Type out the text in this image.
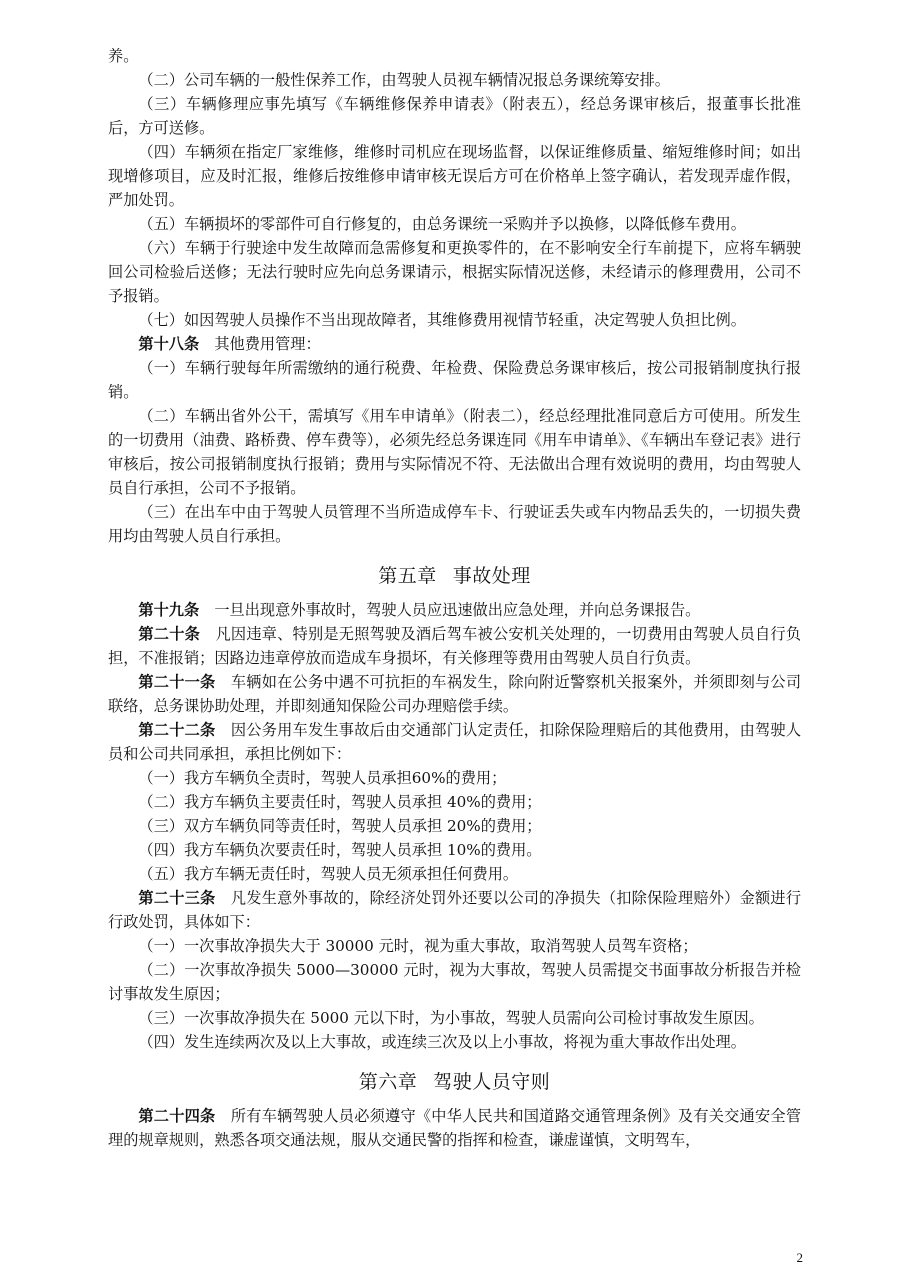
养。

（二）公司车辆的一般性保养工作，由驾驶人员视车辆情况报总务课统筹安排。

（三）车辆修理应事先填写《车辆维修保养申请表》（附表五），经总务课审核后，报董事长批准后，方可送修。

（四）车辆须在指定厂家维修，维修时司机应在现场监督，以保证维修质量、缩短维修时间；如出现增修项目，应及时汇报，维修后按维修申请审核无误后方可在价格单上签字确认，若发现弄虚作假，严加处罚。

（五）车辆损坏的零部件可自行修复的，由总务课统一采购并予以换修，以降低修车费用。

（六）车辆于行驶途中发生故障而急需修复和更换零件的，在不影响安全行车前提下，应将车辆驶回公司检验后送修；无法行驶时应先向总务课请示，根据实际情况送修，未经请示的修理费用，公司不予报销。

（七）如因驾驶人员操作不当出现故障者，其维修费用视情节轻重，决定驾驶人负担比例。

第十八条　 其他费用管理：

（一）车辆行驶每年所需缴纳的通行税费、年检费、保险费总务课审核后，按公司报销制度执行报销。

（二）车辆出省外公干，需填写《用车申请单》（附表二），经总经理批准同意后方可使用。所发生的一切费用（油费、路桥费、停车费等），必须先经总务课连同《用车申请单》、《车辆出车登记表》进行审核后，按公司报销制度执行报销；费用与实际情况不符、无法做出合理有效说明的费用，均由驾驶人员自行承担，公司不予报销。

（三）在出车中由于驾驶人员管理不当所造成停车卡、行驶证丢失或车内物品丢失的，一切损失费用均由驾驶人员自行承担。

第五章 事故处理

第十九条　 一旦出现意外事故时，驾驶人员应迅速做出应急处理，并向总务课报告。

第二十条　 凡因违章、特别是无照驾驶及酒后驾车被公安机关处理的，一切费用由驾驶人员自行负担，不准报销；因路边违章停放而造成车身损坏，有关修理等费用由驾驶人员自行负责。

第二十一条　 车辆如在公务中遇不可抗拒的车祸发生，除向附近警察机关报案外，并须即刻与公司联络，总务课协助处理，并即刻通知保险公司办理赔偿手续。

第二十二条　 因公务用车发生事故后由交通部门认定责任，扣除保险理赔后的其他费用，由驾驶人员和公司共同承担，承担比例如下：

（一）我方车辆负全责时，驾驶人员承担60%的费用；

（二）我方车辆负主要责任时，驾驶人员承担 40%的费用；

（三）双方车辆负同等责任时，驾驶人员承担 20%的费用；

（四）我方车辆负次要责任时，驾驶人员承担 10%的费用。

（五）我方车辆无责任时，驾驶人员无须承担任何费用。

第二十三条　 凡发生意外事故的，除经济处罚外还要以公司的净损失（扣除保险理赔外）金额进行行政处罚，具体如下：

（一）一次事故净损失大于 30000 元时，视为重大事故，取消驾驶人员驾车资格；

（二）一次事故净损失 5000—30000 元时，视为大事故，驾驶人员需提交书面事故分析报告并检讨事故发生原因；

（三）一次事故净损失在 5000 元以下时，为小事故，驾驶人员需向公司检讨事故发生原因。

（四）发生连续两次及以上大事故，或连续三次及以上小事故，将视为重大事故作出处理。

第六章 驾驶人员守则

第二十四条　 所有车辆驾驶人员必须遵守《中华人民共和国道路交通管理条例》及有关交通安全管理的规章规则，熟悉各项交通法规，服从交通民警的指挥和检查，谦虚谨慎，文明驾车，

2
